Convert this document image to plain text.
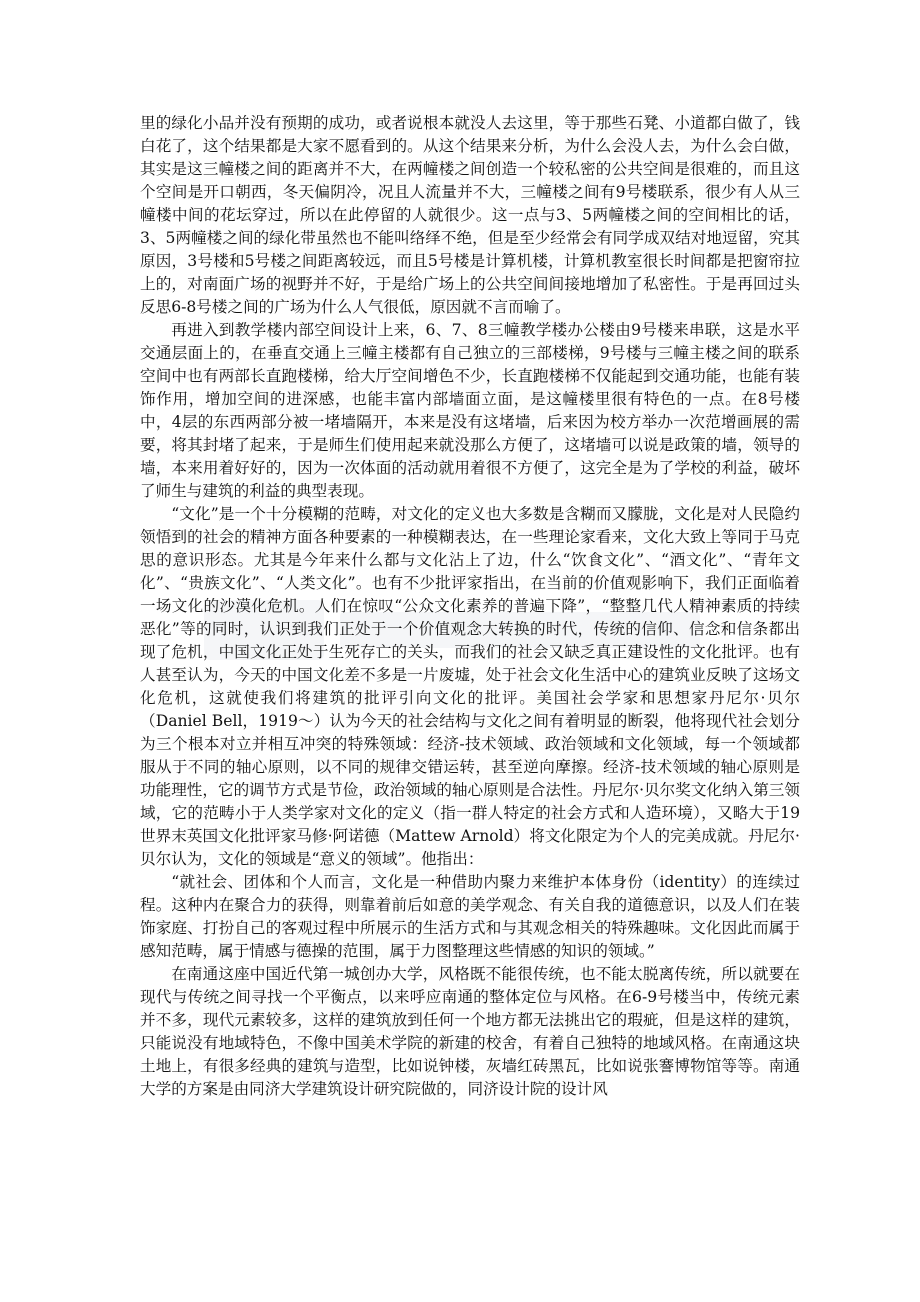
里的绿化小品并没有预期的成功，或者说根本就没人去这里，等于那些石凳、小道都白做了，钱白花了，这个结果都是大家不愿看到的。从这个结果来分析，为什么会没人去，为什么会白做，其实是这三幢楼之间的距离并不大，在两幢楼之间创造一个较私密的公共空间是很难的，而且这个空间是开口朝西，冬天偏阴冷，况且人流量并不大，三幢楼之间有9号楼联系，很少有人从三幢楼中间的花坛穿过，所以在此停留的人就很少。这一点与3、5两幢楼之间的空间相比的话，3、5两幢楼之间的绿化带虽然也不能叫络绎不绝，但是至少经常会有同学成双结对地逗留，究其原因，3号楼和5号楼之间距离较远，而且5号楼是计算机楼，计算机教室很长时间都是把窗帘拉上的，对南面广场的视野并不好，于是给广场上的公共空间间接地增加了私密性。于是再回过头反思6-8号楼之间的广场为什么人气很低，原因就不言而喻了。

再进入到教学楼内部空间设计上来，6、7、8三幢教学楼办公楼由9号楼来串联，这是水平交通层面上的，在垂直交通上三幢主楼都有自己独立的三部楼梯，9号楼与三幢主楼之间的联系空间中也有两部长直跑楼梯，给大厅空间增色不少，长直跑楼梯不仅能起到交通功能，也能有装饰作用，增加空间的进深感，也能丰富内部墙面立面，是这幢楼里很有特色的一点。在8号楼中，4层的东西两部分被一堵墙隔开，本来是没有这堵墙，后来因为校方举办一次范增画展的需要，将其封堵了起来，于是师生们使用起来就没那么方便了，这堵墙可以说是政策的墙，领导的墙，本来用着好好的，因为一次体面的活动就用着很不方便了，这完全是为了学校的利益，破坏了师生与建筑的利益的典型表现。

“文化”是一个十分模糊的范畴，对文化的定义也大多数是含糊而又朦胧，文化是对人民隐约领悟到的社会的精神方面各种要素的一种模糊表达，在一些理论家看来，文化大致上等同于马克思的意识形态。尤其是今年来什么都与文化沾上了边，什么“饮食文化”、“酒文化”、“青年文化”、“贵族文化”、“人类文化”。也有不少批评家指出，在当前的价值观影响下，我们正面临着一场文化的沙漠化危机。人们在惊叹“公众文化素养的普遍下降”，“整整几代人精神素质的持续恶化”等的同时，认识到我们正处于一个价值观念大转换的时代，传统的信仰、信念和信条都出现了危机，中国文化正处于生死存亡的关头，而我们的社会又缺乏真正建设性的文化批评。也有人甚至认为，今天的中国文化差不多是一片废墟，处于社会文化生活中心的建筑业反映了这场文化危机，这就使我们将建筑的批评引向文化的批评。美国社会学家和思想家丹尼尔·贝尔（Daniel Bell，1919～）认为今天的社会结构与文化之间有着明显的断裂，他将现代社会划分为三个根本对立并相互冲突的特殊领域：经济-技术领域、政治领域和文化领域，每一个领域都服从于不同的轴心原则，以不同的规律交错运转，甚至逆向摩擦。经济-技术领域的轴心原则是功能理性，它的调节方式是节俭，政治领域的轴心原则是合法性。丹尼尔·贝尔奖文化纳入第三领域，它的范畴小于人类学家对文化的定义（指一群人特定的社会方式和人造环境），又略大于19世界末英国文化批评家马修·阿诺德（Mattew Arnold）将文化限定为个人的完美成就。丹尼尔·贝尔认为，文化的领域是“意义的领域”。他指出：

“就社会、团体和个人而言，文化是一种借助内聚力来维护本体身份（identity）的连续过程。这种内在聚合力的获得，则靠着前后如意的美学观念、有关自我的道德意识，以及人们在装饰家庭、打扮自己的客观过程中所展示的生活方式和与其观念相关的特殊趣味。文化因此而属于感知范畴，属于情感与德操的范围，属于力图整理这些情感的知识的领域。”

在南通这座中国近代第一城创办大学，风格既不能很传统，也不能太脱离传统，所以就要在现代与传统之间寻找一个平衡点，以来呼应南通的整体定位与风格。在6-9号楼当中，传统元素并不多，现代元素较多，这样的建筑放到任何一个地方都无法挑出它的瑕疵，但是这样的建筑，只能说没有地域特色，不像中国美术学院的新建的校舍，有着自己独特的地域风格。在南通这块土地上，有很多经典的建筑与造型，比如说钟楼，灰墙红砖黑瓦，比如说张謇博物馆等等。南通大学的方案是由同济大学建筑设计研究院做的，同济设计院的设计风
